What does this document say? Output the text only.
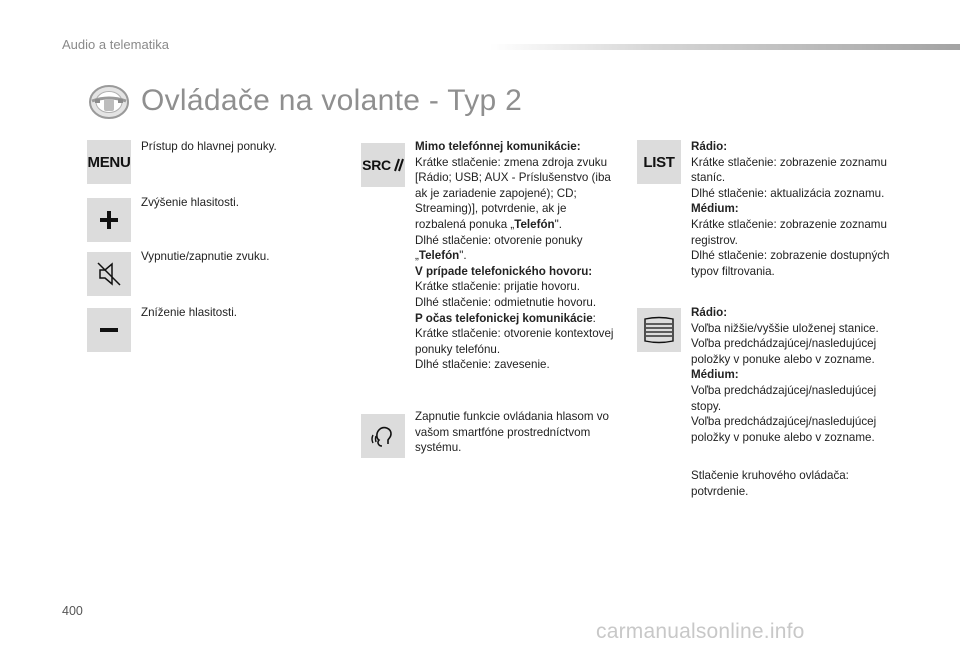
Audio a telematika
Ovládače na volante - Typ 2
MENU
Prístup do hlavnej ponuky.
Zvýšenie hlasitosti.
Vypnutie/zapnutie zvuku.
Zníženie hlasitosti.
SRC

Mimo telefónnej komunikácie:

Krátke stlačenie: zmena zdroja zvuku [Rádio; USB; AUX - Príslušenstvo (iba ak je zariadenie zapojené); CD; Streaming)], potvrdenie, ak je rozbalená ponuka „Telefón".

Dlhé stlačenie: otvorenie ponuky „Telefón".

V prípade telefonického hovoru:

Krátke stlačenie: prijatie hovoru.

Dlhé stlačenie: odmietnutie hovoru.

P očas telefonickej komunikácie:

Krátke stlačenie: otvorenie kontextovej ponuky telefónu.

Dlhé stlačenie: zavesenie.

Zapnutie funkcie ovládania hlasom vo vašom smartfóne prostredníctvom systému.
LIST

Rádio:

Krátke stlačenie: zobrazenie zoznamu staníc.

Dlhé stlačenie: aktualizácia zoznamu.

Médium:

Krátke stlačenie: zobrazenie zoznamu registrov.

Dlhé stlačenie: zobrazenie dostupných typov filtrovania.

Rádio:

Voľba nižšie/vyššie uloženej stanice.

Voľba predchádzajúcej/nasledujúcej položky v ponuke alebo v zozname.

Médium:

Voľba predchádzajúcej/nasledujúcej stopy.

Voľba predchádzajúcej/nasledujúcej položky v ponuke alebo v zozname.

Stlačenie kruhového ovládača: potvrdenie.
400
carmanualsonline.info
